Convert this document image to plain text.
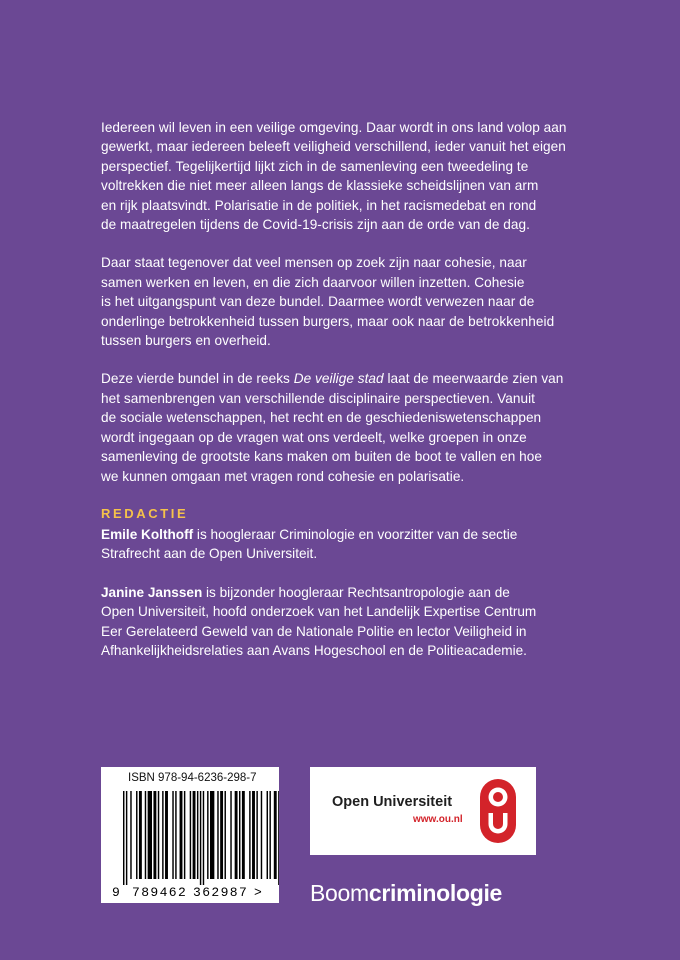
Iedereen wil leven in een veilige omgeving. Daar wordt in ons land volop aan
gewerkt, maar iedereen beleeft veiligheid verschillend, ieder vanuit het eigen
perspectief. Tegelijkertijd lijkt zich in de samenleving een tweedeling te
voltrekken die niet meer alleen langs de klassieke scheidslijnen van arm
en rijk plaatsvindt. Polarisatie in de politiek, in het racismedebat en rond
de maatregelen tijdens de Covid-19-crisis zijn aan de orde van de dag.

Daar staat tegenover dat veel mensen op zoek zijn naar cohesie, naar
samen werken en leven, en die zich daarvoor willen inzetten. Cohesie
is het uitgangspunt van deze bundel. Daarmee wordt verwezen naar de
onderlinge betrokkenheid tussen burgers, maar ook naar de betrokkenheid
tussen burgers en overheid.

Deze vierde bundel in de reeks De veilige stad laat de meerwaarde zien van
het samenbrengen van verschillende disciplinaire perspectieven. Vanuit
de sociale wetenschappen, het recht en de geschiedeniswetenschappen
wordt ingegaan op de vragen wat ons verdeelt, welke groepen in onze
samenleving de grootste kans maken om buiten de boot te vallen en hoe
we kunnen omgaan met vragen rond cohesie en polarisatie.

REDACTIE

Emile Kolthoff is hoogleraar Criminologie en voorzitter van de sectie
Strafrecht aan de Open Universiteit.

Janine Janssen is bijzonder hoogleraar Rechtsantropologie aan de
Open Universiteit, hoofd onderzoek van het Landelijk Expertise Centrum
Eer Gerelateerd Geweld van de Nationale Politie en lector Veiligheid in
Afhankelijkheidsrelaties aan Avans Hogeschool en de Politieacademie.

ISBN 978-94-6236-298-7
9 789462 362987 >
Open Universiteit
www.ou.nl
Boomcriminologie
